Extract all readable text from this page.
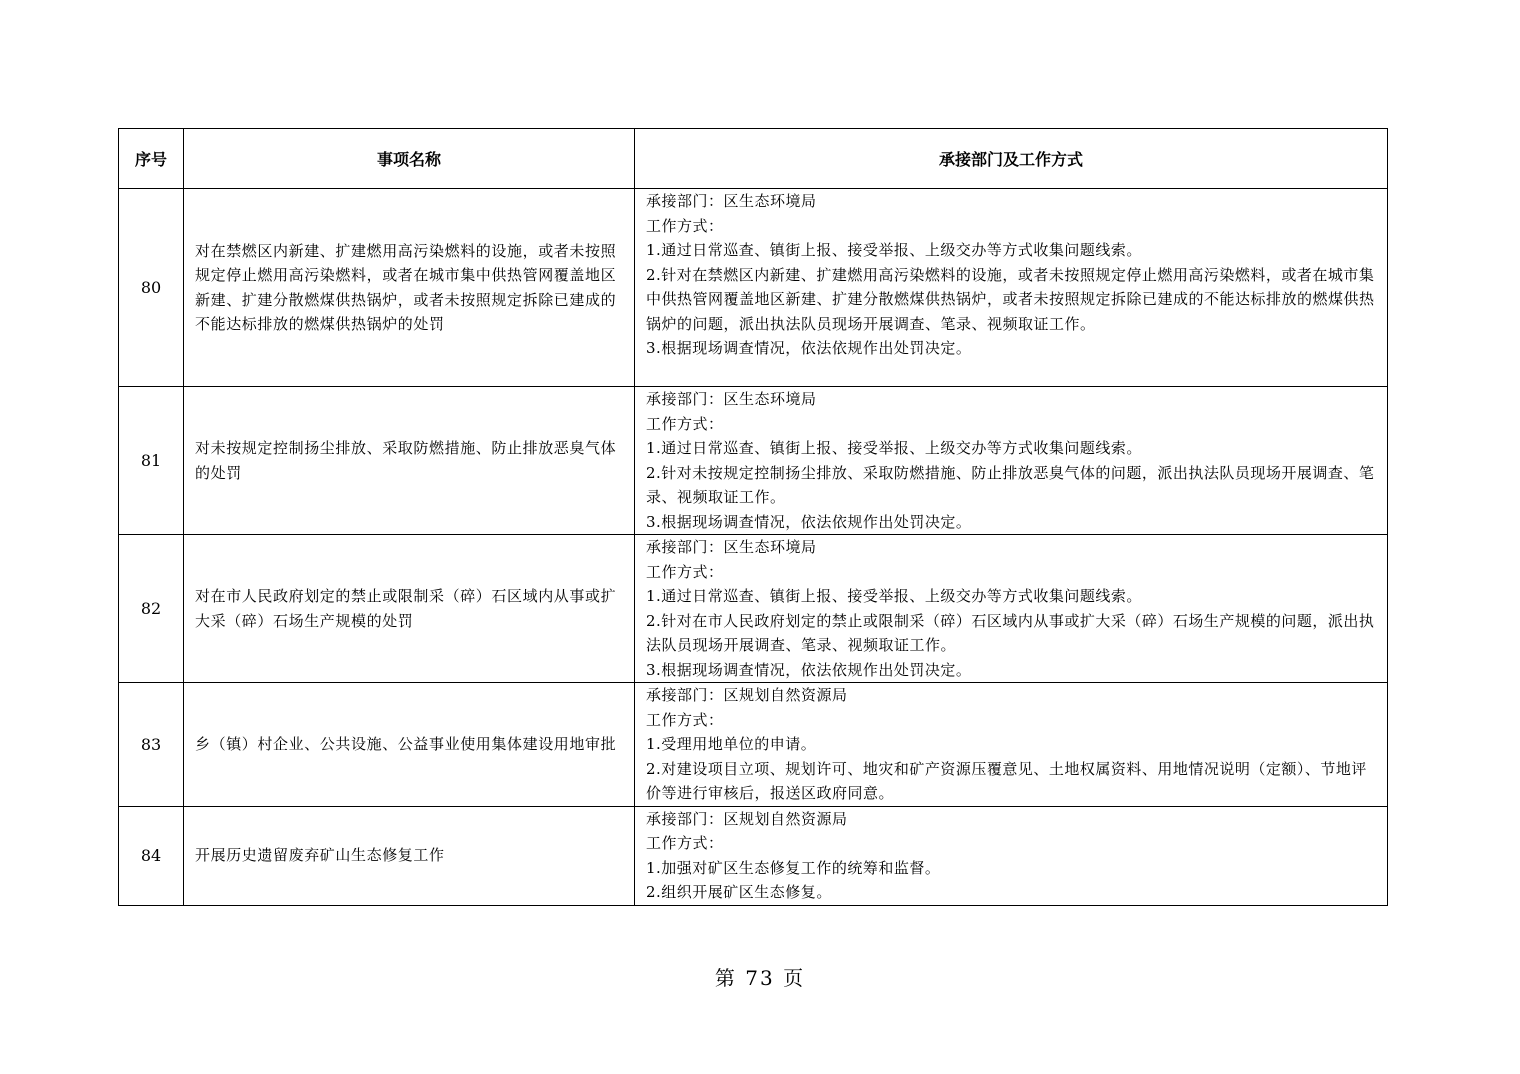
序号	事项名称	承接部门及工作方式
80	对在禁燃区内新建、扩建燃用高污染燃料的设施，或者未按照规定停止燃用高污染燃料，或者在城市集中供热管网覆盖地区新建、扩建分散燃煤供热锅炉，或者未按照规定拆除已建成的不能达标排放的燃煤供热锅炉的处罚	承接部门：区生态环境局
工作方式：
1.通过日常巡查、镇街上报、接受举报、上级交办等方式收集问题线索。
2.针对在禁燃区内新建、扩建燃用高污染燃料的设施，或者未按照规定停止燃用高污染燃料，或者在城市集中供热管网覆盖地区新建、扩建分散燃煤供热锅炉，或者未按照规定拆除已建成的不能达标排放的燃煤供热锅炉的问题，派出执法队员现场开展调查、笔录、视频取证工作。
3.根据现场调查情况，依法依规作出处罚决定。

81	对未按规定控制扬尘排放、采取防燃措施、防止排放恶臭气体的处罚	承接部门：区生态环境局
工作方式：
1.通过日常巡查、镇街上报、接受举报、上级交办等方式收集问题线索。
2.针对未按规定控制扬尘排放、采取防燃措施、防止排放恶臭气体的问题，派出执法队员现场开展调查、笔录、视频取证工作。
3.根据现场调查情况，依法依规作出处罚决定。

82	对在市人民政府划定的禁止或限制采（碎）石区域内从事或扩大采（碎）石场生产规模的处罚	承接部门：区生态环境局
工作方式：
1.通过日常巡查、镇街上报、接受举报、上级交办等方式收集问题线索。
2.针对在市人民政府划定的禁止或限制采（碎）石区域内从事或扩大采（碎）石场生产规模的问题，派出执法队员现场开展调查、笔录、视频取证工作。
3.根据现场调查情况，依法依规作出处罚决定。

83	乡（镇）村企业、公共设施、公益事业使用集体建设用地审批	承接部门：区规划自然资源局
工作方式：
1.受理用地单位的申请。
2.对建设项目立项、规划许可、地灾和矿产资源压覆意见、土地权属资料、用地情况说明（定额）、节地评价等进行审核后，报送区政府同意。

84	开展历史遗留废弃矿山生态修复工作	承接部门：区规划自然资源局
工作方式：
1.加强对矿区生态修复工作的统筹和监督。
2.组织开展矿区生态修复。
第 73 页
